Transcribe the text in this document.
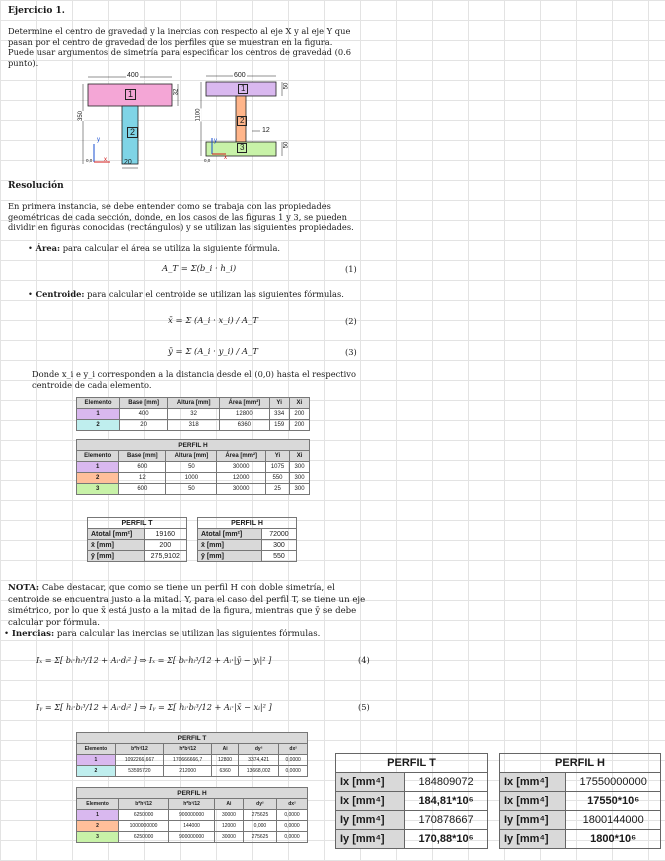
Ejercicio 1.

Determine el centro de gravedad y la inercias con respecto al eje X y al eje Y que pasan por el centro de gravedad de los perfiles que se muestran en la figura. Puede usar argumentos de simetría para especificar los centros de gravedad (0.6 punto).

400
1	32
350
2
y
0,0 x 20
600
1	50
1100	2
12
3	50
y
0,0 x
Resolución

En primera instancia, se debe entender como se trabaja con las propiedades geométricas de cada sección, donde, en los casos de las figuras 1 y 3, se pueden dividir en figuras conocidas (rectángulos) y se utilizan las siguientes propiedades.

• Área: para calcular el área se utiliza la siguiente fórmula.
A_T = Σ(b_i · h_i)	(1)
• Centroide: para calcular el centroide se utilizan las siguientes fórmulas.
x̄ = Σ (A_i · x_i) / A_T	(2)
ȳ = Σ (A_i · y_i) / A_T	(3)

Donde x_i e y_i corresponden a la distancia desde el (0,0) hasta el respectivo centroide de cada elemento.

Elemento	Base [mm]	Altura [mm]	Área [mm²]	Yi	Xi
1	400	32	12800	334	200
2	20	318	6360	159	200
PERFIL H					
Elemento	Base [mm]	Altura [mm]	Área [mm²]	Yi	Xi
1	600	50	30000	1075	300
2	12	1000	12000	550	300
3	600	50	30000	25	300
PERFIL T	
Atotal [mm²]	19160
x̄ [mm]	200
ȳ [mm]	275,9102
PERFIL H	
Atotal [mm²]	72000
x̄ [mm]	300
ȳ [mm]	550

NOTA: Cabe destacar, que como se tiene un perfil H con doble simetría, el centroide se encuentra justo a la mitad. Y, para el caso del perfil T, se tiene un eje simétrico, por lo que x̄ está justo a la mitad de la figura, mientras que ȳ se debe calcular por fórmula.

• Inercias: para calcular las inercias se utilizan las siguientes fórmulas.
Iₓ = Σ[ bᵢ·hᵢ³/12 + Aᵢ·dᵢ² ] ⇒ Iₓ = Σ[ bᵢ·hᵢ³/12 + Aᵢ·|ȳ − yᵢ|² ]	(4)
Iᵧ = Σ[ hᵢ·bᵢ³/12 + Aᵢ·dᵢ² ] ⇒ Iᵧ = Σ[ hᵢ·bᵢ³/12 + Aᵢ·|x̄ − xᵢ|² ]	(5)
PERFIL T					
Elemento	b*h³/12	h*b³/12	Ai	dy²	dx²
1	1092266,667	170666666,7	12800	3374,421	0,0000
2	53595720	212000	6360	13668,002	0,0000
PERFIL H					
Elemento	b*h³/12	h*b³/12	Ai	dy²	dx²
1	6250000	900000000	30000	275625	0,0000
2	1000000000	144000	12000	0,000	0,0000
3	6250000	900000000	30000	275625	0,0000
PERFIL T	
Ix [mm⁴]	184809072
Ix [mm⁴]	184,81*10⁶
Iy [mm⁴]	170878667
Iy [mm⁴]	170,88*10⁶
PERFIL H	
Ix [mm⁴]	17550000000
Ix [mm⁴]	17550*10⁶
Iy [mm⁴]	1800144000
Iy [mm⁴]	1800*10⁶
